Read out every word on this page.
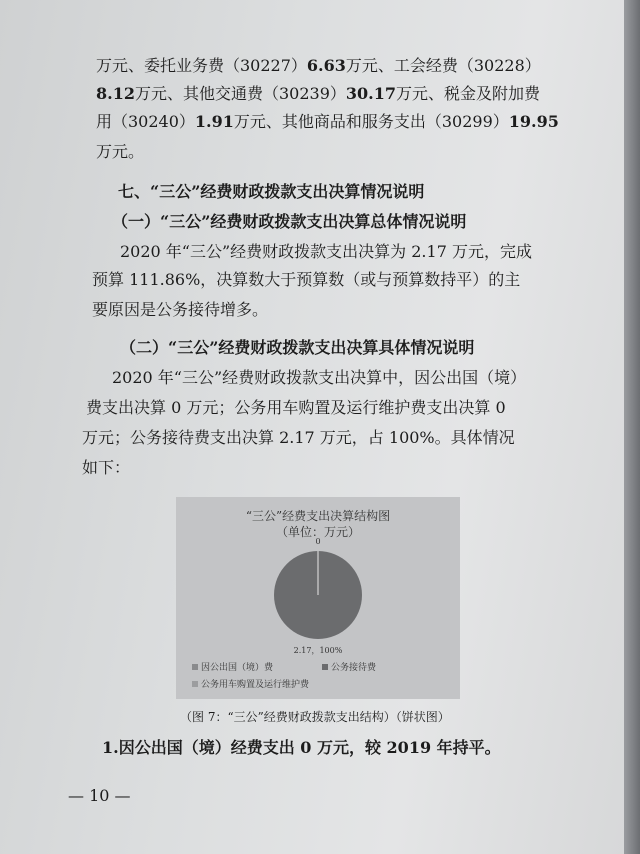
万元、委托业务费（30227）6.63万元、工会经费（30228）
8.12万元、其他交通费（30239）30.17万元、税金及附加费
用（30240）1.91万元、其他商品和服务支出（30299）19.95
万元。
七、“三公”经费财政拨款支出决算情况说明
（一）“三公”经费财政拨款支出决算总体情况说明
2020 年“三公”经费财政拨款支出决算为 2.17 万元，完成
预算 111.86%，决算数大于预算数（或与预算数持平）的主
要原因是公务接待增多。
（二）“三公”经费财政拨款支出决算具体情况说明
2020 年“三公”经费财政拨款支出决算中，因公出国（境）
费支出决算 0 万元；公务用车购置及运行维护费支出决算 0
万元；公务接待费支出决算 2.17 万元，占 100%。具体情况
如下：
“三公”经费支出决算结构图
（单位：万元）
0
2.17，100%
因公出国（境）费	公务接待费
公务用车购置及运行维护费
（图 7：“三公”经费财政拨款支出结构）（饼状图）
1.因公出国（境）经费支出 0 万元，较 2019 年持平。
— 10 —
